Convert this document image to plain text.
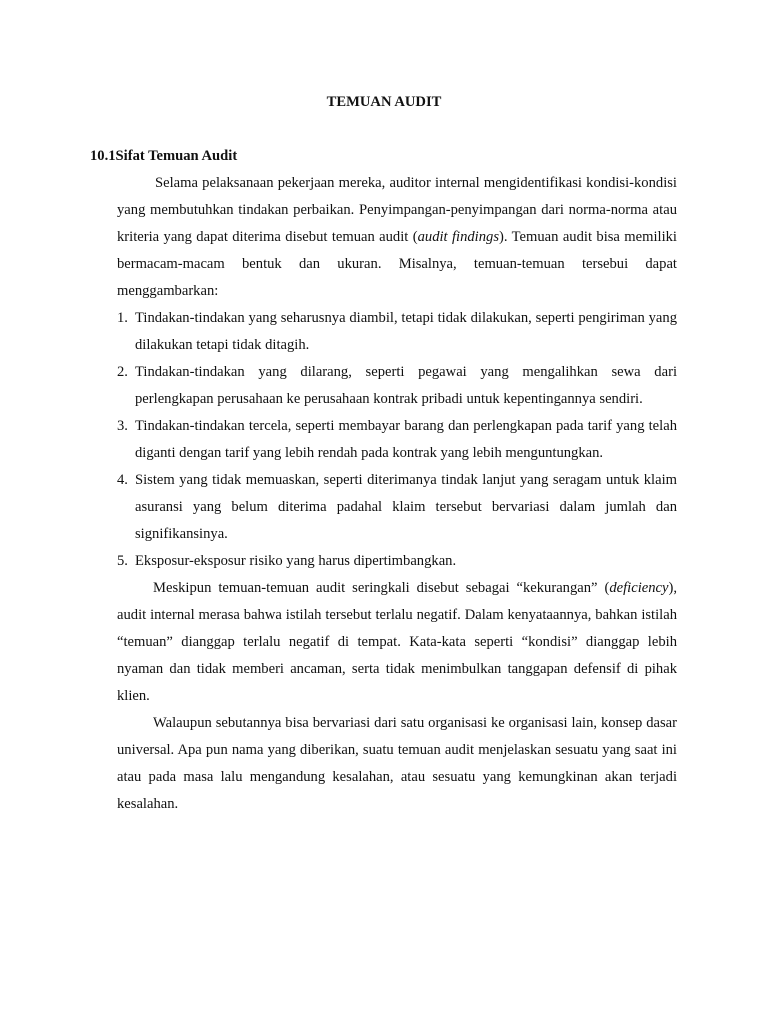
TEMUAN AUDIT
10.1Sifat Temuan Audit

Selama pelaksanaan pekerjaan mereka, auditor internal mengidentifikasi kondisi-kondisi yang membutuhkan tindakan perbaikan. Penyimpangan-penyimpangan dari norma-norma atau kriteria yang dapat diterima disebut temuan audit (audit findings). Temuan audit bisa memiliki bermacam-macam bentuk dan ukuran. Misalnya, temuan-temuan tersebui dapat menggambarkan:

1. Tindakan-tindakan yang seharusnya diambil, tetapi tidak dilakukan, seperti pengiriman yang dilakukan tetapi tidak ditagih.
2. Tindakan-tindakan yang dilarang, seperti pegawai yang mengalihkan sewa dari perlengkapan perusahaan ke perusahaan kontrak pribadi untuk kepentingannya sendiri.
3. Tindakan-tindakan tercela, seperti membayar barang dan perlengkapan pada tarif yang telah diganti dengan tarif yang lebih rendah pada kontrak yang lebih menguntungkan.
4. Sistem yang tidak memuaskan, seperti diterimanya tindak lanjut yang seragam untuk klaim asuransi yang belum diterima padahal klaim tersebut bervariasi dalam jumlah dan signifikansinya.
5. Eksposur-eksposur risiko yang harus dipertimbangkan.

Meskipun temuan-temuan audit seringkali disebut sebagai “kekurangan” (deficiency), audit internal merasa bahwa istilah tersebut terlalu negatif. Dalam kenyataannya, bahkan istilah “temuan” dianggap terlalu negatif di tempat. Kata-kata seperti “kondisi” dianggap lebih nyaman dan tidak memberi ancaman, serta tidak menimbulkan tanggapan defensif di pihak klien.

Walaupun sebutannya bisa bervariasi dari satu organisasi ke organisasi lain, konsep dasar universal. Apa pun nama yang diberikan, suatu temuan audit menjelaskan sesuatu yang saat ini atau pada masa lalu mengandung kesalahan, atau sesuatu yang kemungkinan akan terjadi kesalahan.
